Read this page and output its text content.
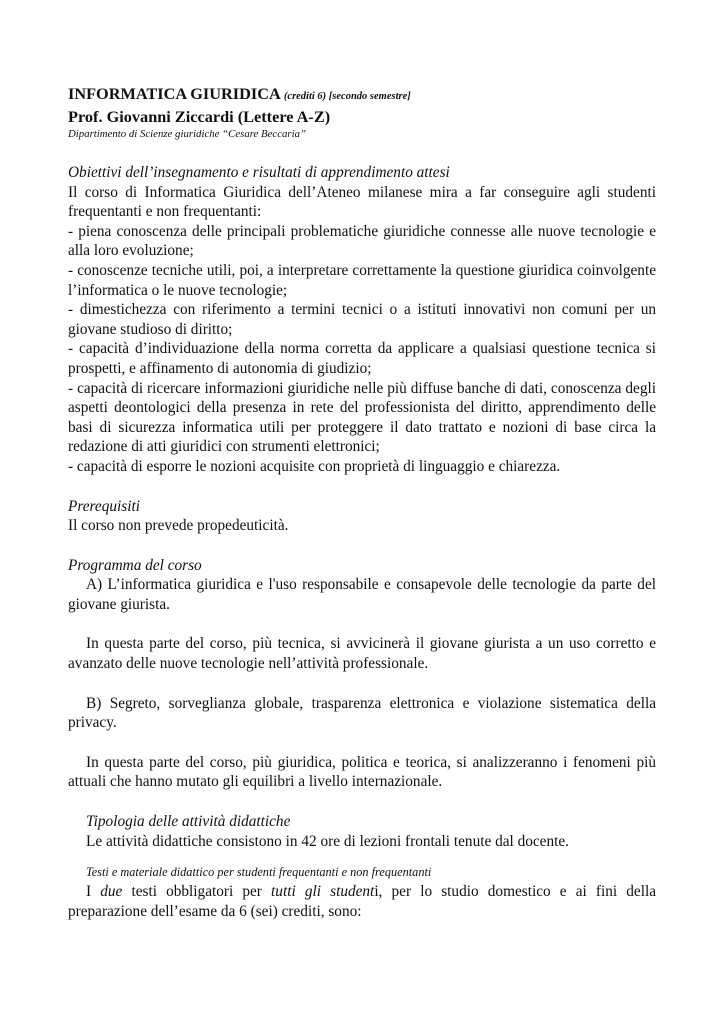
INFORMATICA GIURIDICA (crediti 6) [secondo semestre]
Prof. Giovanni Ziccardi (Lettere A-Z)
Dipartimento di Scienze giuridiche “Cesare Beccaria”
Obiettivi dell’insegnamento e risultati di apprendimento attesi
Il corso di Informatica Giuridica dell’Ateneo milanese mira a far conseguire agli studenti frequentanti e non frequentanti:
- piena conoscenza delle principali problematiche giuridiche connesse alle nuove tecnologie e alla loro evoluzione;
- conoscenze tecniche utili, poi, a interpretare correttamente la questione giuridica coinvolgente l’informatica o le nuove tecnologie;
- dimestichezza con riferimento a termini tecnici o a istituti innovativi non comuni per un giovane studioso di diritto;
- capacità d’individuazione della norma corretta da applicare a qualsiasi questione tecnica si prospetti, e affinamento di autonomia di giudizio;
- capacità di ricercare informazioni giuridiche nelle più diffuse banche di dati, conoscenza degli aspetti deontologici della presenza in rete del professionista del diritto, apprendimento delle basi di sicurezza informatica utili per proteggere il dato trattato e nozioni di base circa la redazione di atti giuridici con strumenti elettronici;
- capacità di esporre le nozioni acquisite con proprietà di linguaggio e chiarezza.
Prerequisiti
Il corso non prevede propedeuticità.
Programma del corso
A) L’informatica giuridica e l'uso responsabile e consapevole delle tecnologie da parte del giovane giurista.
In questa parte del corso, più tecnica, si avvicinerà il giovane giurista a un uso corretto e avanzato delle nuove tecnologie nell’attività professionale.
B) Segreto, sorveglianza globale, trasparenza elettronica e violazione sistematica della privacy.
In questa parte del corso, più giuridica, politica e teorica, si analizzeranno i fenomeni più attuali che hanno mutato gli equilibri a livello internazionale.
Tipologia delle attività didattiche
Le attività didattiche consistono in 42 ore di lezioni frontali tenute dal docente.
Testi e materiale didattico per studenti frequentanti e non frequentanti
I due testi obbligatori per tutti gli studenti, per lo studio domestico e ai fini della preparazione dell’esame da 6 (sei) crediti, sono:
